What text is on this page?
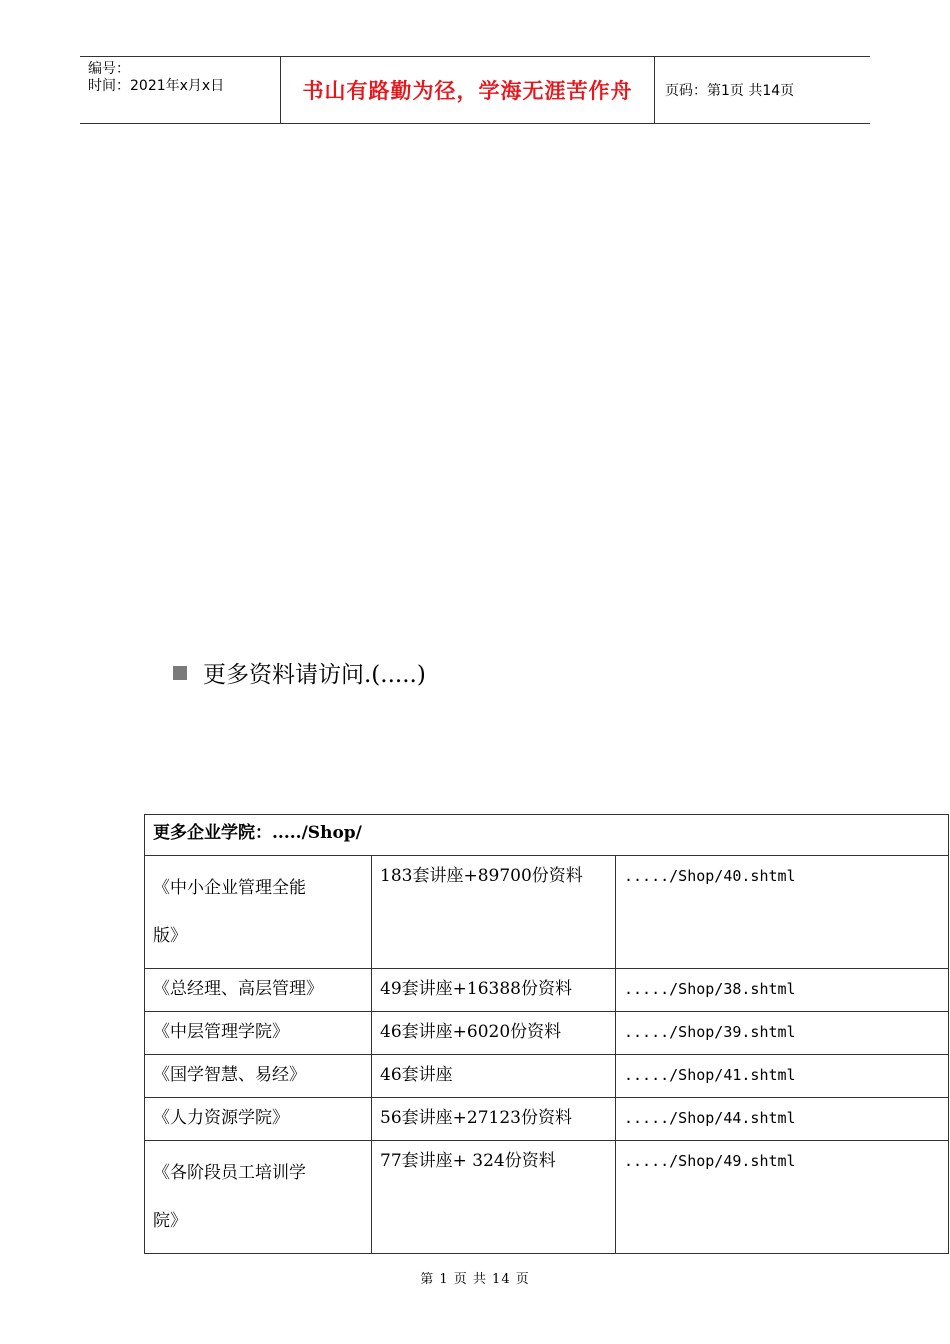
编号：
时间：2021年x月x日	书山有路勤为径，学海无涯苦作舟	页码：第1页 共14页
更多资料请访问.(.....)
更多企业学院：...../Shop/		
《中小企业管理全能
版》	183套讲座+89700份资料	...../Shop/40.shtml

《总经理、高层管理》	49套讲座+16388份资料	...../Shop/38.shtml
《中层管理学院》	46套讲座+6020份资料	...../Shop/39.shtml
《国学智慧、易经》	46套讲座	...../Shop/41.shtml
《人力资源学院》	56套讲座+27123份资料	...../Shop/44.shtml
《各阶段员工培训学
院》	77套讲座+ 324份资料	...../Shop/49.shtml
第 1 页 共 14 页
